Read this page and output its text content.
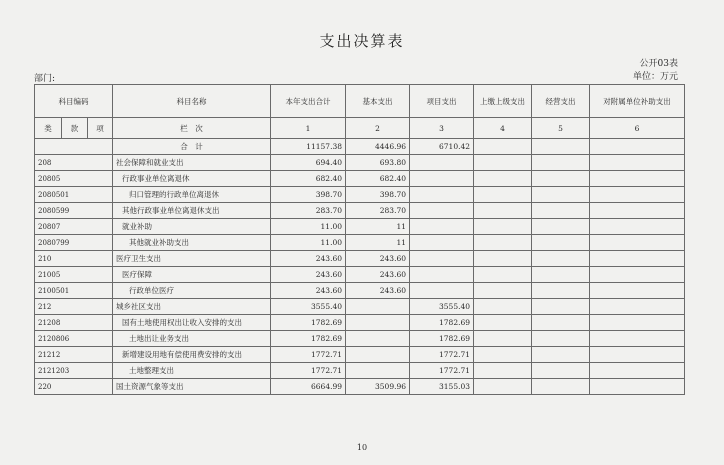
支出决算表
公开03表
单位：万元
部门:
科目编码			科目名称	本年支出合计	基本支出	项目支出	上缴上级支出	经营支出	对附属单位补助支出
类	款	项	栏　次	1	2	3	4	5	6
			合　计	11157.38	4446.96	6710.42			
208			社会保障和就业支出	694.40	693.80				
20805			行政事业单位离退休	682.40	682.40				
2080501			归口管理的行政单位离退休	398.70	398.70				
2080599			其他行政事业单位离退休支出	283.70	283.70				
20807			就业补助	11.00	11				
2080799			其他就业补助支出	11.00	11				
210			医疗卫生支出	243.60	243.60				
21005			医疗保障	243.60	243.60				
2100501			行政单位医疗	243.60	243.60				
212			城乡社区支出	3555.40		3555.40			
21208			国有土地使用权出让收入安排的支出	1782.69		1782.69			
2120806			土地出让业务支出	1782.69		1782.69			
21212			新增建设用地有偿使用费安排的支出	1772.71		1772.71			
2121203			土地整理支出	1772.71		1772.71			
220			国土资源气象等支出	6664.99	3509.96	3155.03			
10
